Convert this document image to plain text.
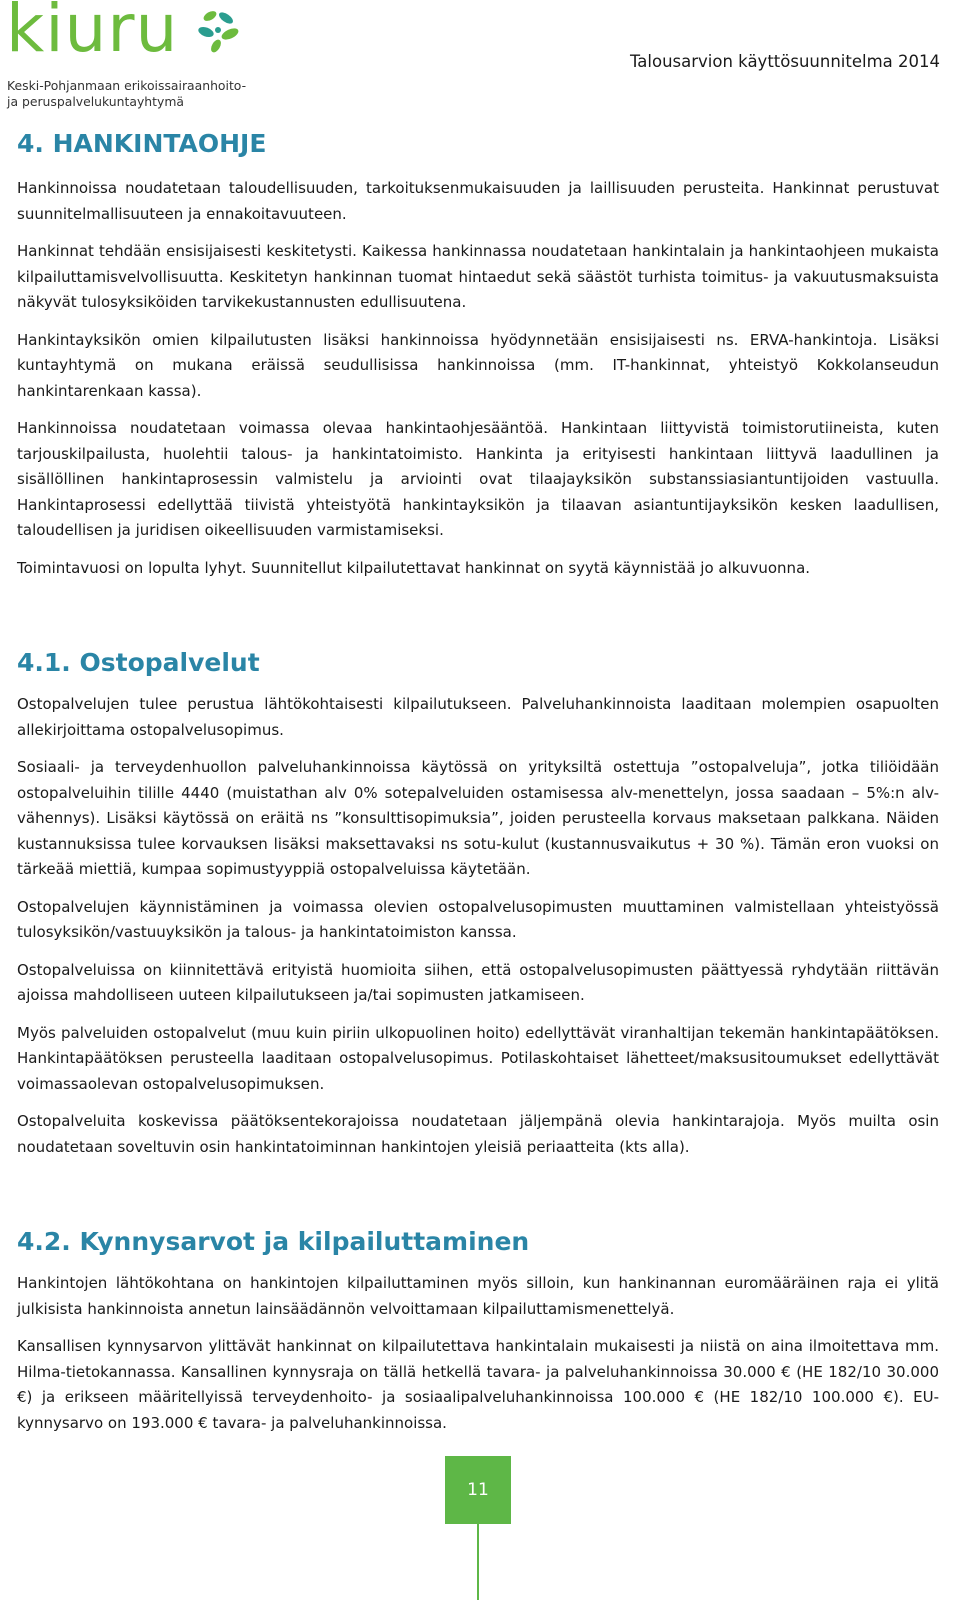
kiuru
Keski-Pohjanmaan erikoissairaanhoito-
ja peruspalvelukuntayhtymä
Talousarvion käyttösuunnitelma 2014
4. HANKINTAOHJE

Hankinnoissa noudatetaan taloudellisuuden, tarkoituksenmukaisuuden ja laillisuuden perusteita. Hankinnat perustuvat suunnitelmallisuuteen ja ennakoitavuuteen.

Hankinnat tehdään ensisijaisesti keskitetysti. Kaikessa hankinnassa noudatetaan hankintalain ja hankintaohjeen mukaista kilpailuttamisvelvollisuutta. Keskitetyn hankinnan tuomat hintaedut sekä säästöt turhista toimitus- ja vakuutusmaksuista näkyvät tulosyksiköiden tarvikekustannusten edullisuutena.

Hankintayksikön omien kilpailutusten lisäksi hankinnoissa hyödynnetään ensisijaisesti ns. ERVA-hankintoja. Lisäksi kuntayhtymä on mukana eräissä seudullisissa hankinnoissa (mm. IT-hankinnat, yhteistyö Kokkolanseudun hankintarenkaan kassa).

Hankinnoissa noudatetaan voimassa olevaa hankintaohjesääntöä. Hankintaan liittyvistä toimistorutiineista, kuten tarjouskilpailusta, huolehtii talous- ja hankintatoimisto. Hankinta ja erityisesti hankintaan liittyvä laadullinen ja sisällöllinen hankintaprosessin valmistelu ja arviointi ovat tilaajayksikön substanssiasiantuntijoiden vastuulla. Hankintaprosessi edellyttää tiivistä yhteistyötä hankintayksikön ja tilaavan asiantuntijayksikön kesken laadullisen, taloudellisen ja juridisen oikeellisuuden varmistamiseksi.

Toimintavuosi on lopulta lyhyt. Suunnitellut kilpailutettavat hankinnat on syytä käynnistää jo alkuvuonna.

4.1. Ostopalvelut

Ostopalvelujen tulee perustua lähtökohtaisesti kilpailutukseen. Palveluhankinnoista laaditaan molempien osapuolten allekirjoittama ostopalvelusopimus.

Sosiaali- ja terveydenhuollon palveluhankinnoissa käytössä on yrityksiltä ostettuja ”ostopalveluja”, jotka tiliöidään ostopalveluihin tilille 4440 (muistathan alv 0% sotepalveluiden ostamisessa alv-menettelyn, jossa saadaan – 5%:n alv-vähennys). Lisäksi käytössä on eräitä ns ”konsulttisopimuksia”, joiden perusteella korvaus maksetaan palkkana. Näiden kustannuksissa tulee korvauksen lisäksi maksettavaksi ns sotu-kulut (kustannusvaikutus + 30 %). Tämän eron vuoksi on tärkeää miettiä, kumpaa sopimustyyppiä ostopalveluissa käytetään.

Ostopalvelujen käynnistäminen ja voimassa olevien ostopalvelusopimusten muuttaminen valmistellaan yhteistyössä tulosyksikön/vastuuyksikön ja talous- ja hankintatoimiston kanssa.

Ostopalveluissa on kiinnitettävä erityistä huomioita siihen, että ostopalvelusopimusten päättyessä ryhdytään riittävän ajoissa mahdolliseen uuteen kilpailutukseen ja/tai sopimusten jatkamiseen.

Myös palveluiden ostopalvelut (muu kuin piriin ulkopuolinen hoito) edellyttävät viranhaltijan tekemän hankintapäätöksen. Hankintapäätöksen perusteella laaditaan ostopalvelusopimus. Potilaskohtaiset lähetteet/maksusitoumukset edellyttävät voimassaolevan ostopalvelusopimuksen.

Ostopalveluita koskevissa päätöksentekorajoissa noudatetaan jäljempänä olevia hankintarajoja. Myös muilta osin noudatetaan soveltuvin osin hankintatoiminnan hankintojen yleisiä periaatteita (kts alla).

4.2. Kynnysarvot ja kilpailuttaminen

Hankintojen lähtökohtana on hankintojen kilpailuttaminen myös silloin, kun hankinannan euromääräinen raja ei ylitä julkisista hankinnoista annetun lainsäädännön velvoittamaan kilpailuttamismenettelyä.

Kansallisen kynnysarvon ylittävät hankinnat on kilpailutettava hankintalain mukaisesti ja niistä on aina ilmoitettava mm. Hilma-tietokannassa. Kansallinen kynnysraja on tällä hetkellä tavara- ja palveluhankinnoissa 30.000 € (HE 182/10 30.000 €) ja erikseen määritellyissä terveydenhoito- ja sosiaalipalveluhankinnoissa 100.000 € (HE 182/10 100.000 €). EU-kynnysarvo on 193.000 € tavara- ja palveluhankinnoissa.

11
